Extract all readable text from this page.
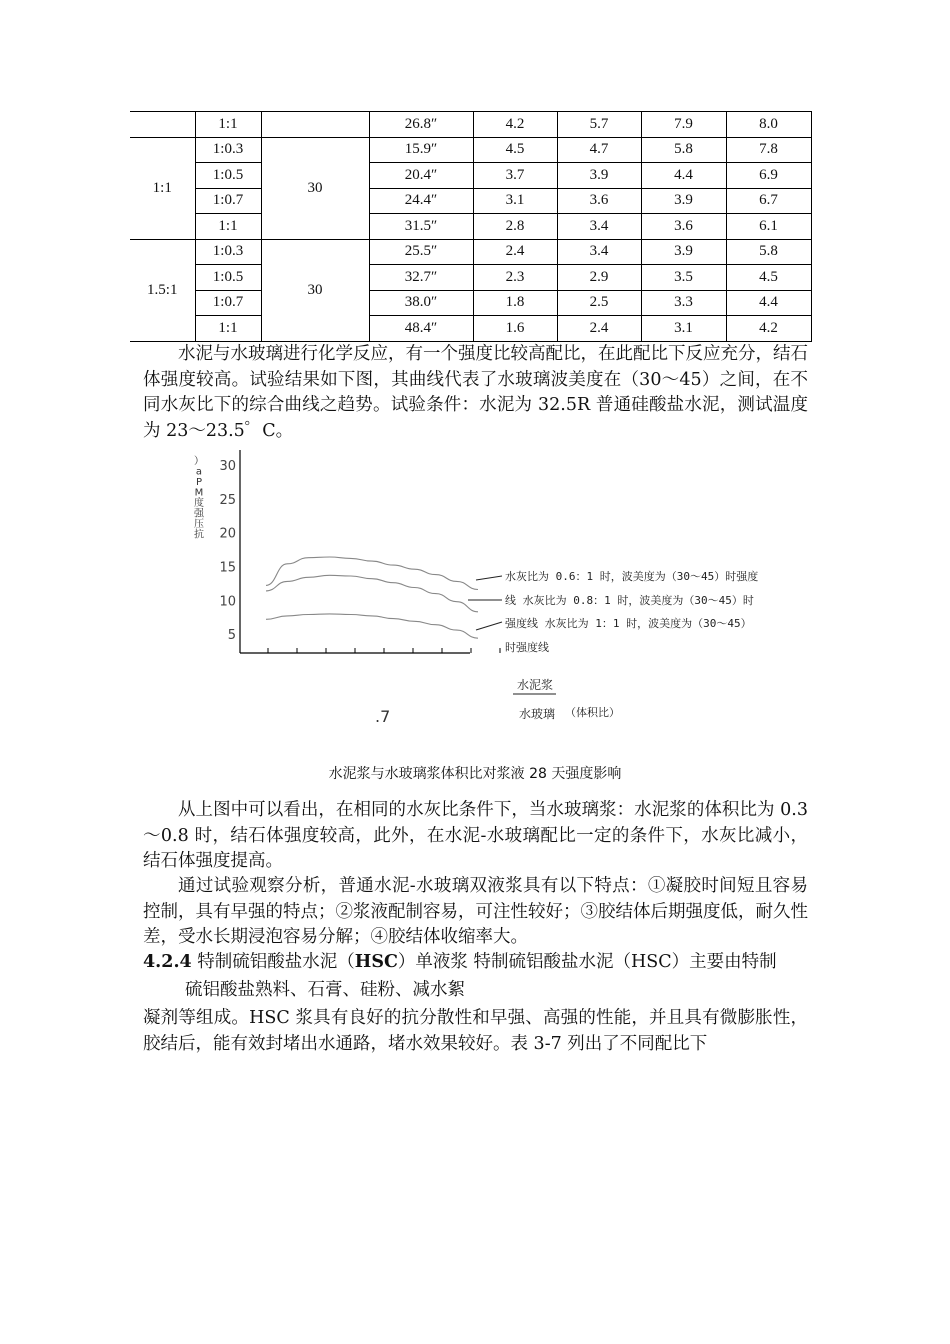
	1:1		26.8″	4.2	5.7	7.9	8.0
1:1	1:0.3	30	15.9″	4.5	4.7	5.8	7.8
	1:0.5		20.4″	3.7	3.9	4.4	6.9
	1:0.7		24.4″	3.1	3.6	3.9	6.7
	1:1		31.5″	2.8	3.4	3.6	6.1
1.5:1	1:0.3	30	25.5″	2.4	3.4	3.9	5.8
	1:0.5		32.7″	2.3	2.9	3.5	4.5
	1:0.7		38.0″	1.8	2.5	3.3	4.4
	1:1		48.4″	1.6	2.4	3.1	4.2

水泥与水玻璃进行化学反应，有一个强度比较高配比，在此配比下反应充分，结石体强度较高。试验结果如下图，其曲线代表了水玻璃波美度在（30～45）之间，在不同水灰比下的综合曲线之趋势。试验条件：水泥为 32.5R 普通硅酸盐水泥，测试温度为 23～23.5゜C。

）
a
P
M
度
强
压
抗
5
10
15
20
25
30
水灰比为 0.6：1 时，波美度为（30～45）时强度
线 水灰比为 0.8：1 时，波美度为（30～45）时
强度线 水灰比为 1：1 时，波美度为（30～45）
时强度线
水泥浆
水玻璃 （体积比）
.7
水泥浆与水玻璃浆体积比对浆液 28 天强度影响

从上图中可以看出，在相同的水灰比条件下，当水玻璃浆：水泥浆的体积比为 0.3～0.8 时，结石体强度较高，此外，在水泥-水玻璃配比一定的条件下，水灰比减小，结石体强度提高。

通过试验观察分析，普通水泥-水玻璃双液浆具有以下特点：①凝胶时间短且容易控制，具有早强的特点；②浆液配制容易，可注性较好；③胶结体后期强度低，耐久性差，受水长期浸泡容易分解；④胶结体收缩率大。

4.2.4 特制硫铝酸盐水泥（HSC）单液浆 特制硫铝酸盐水泥（HSC）主要由特制
硫铝酸盐熟料、石膏、硅粉、减水絮

凝剂等组成。HSC 浆具有良好的抗分散性和早强、高强的性能，并且具有微膨胀性，胶结后，能有效封堵出水通路，堵水效果较好。表 3-7 列出了不同配比下
